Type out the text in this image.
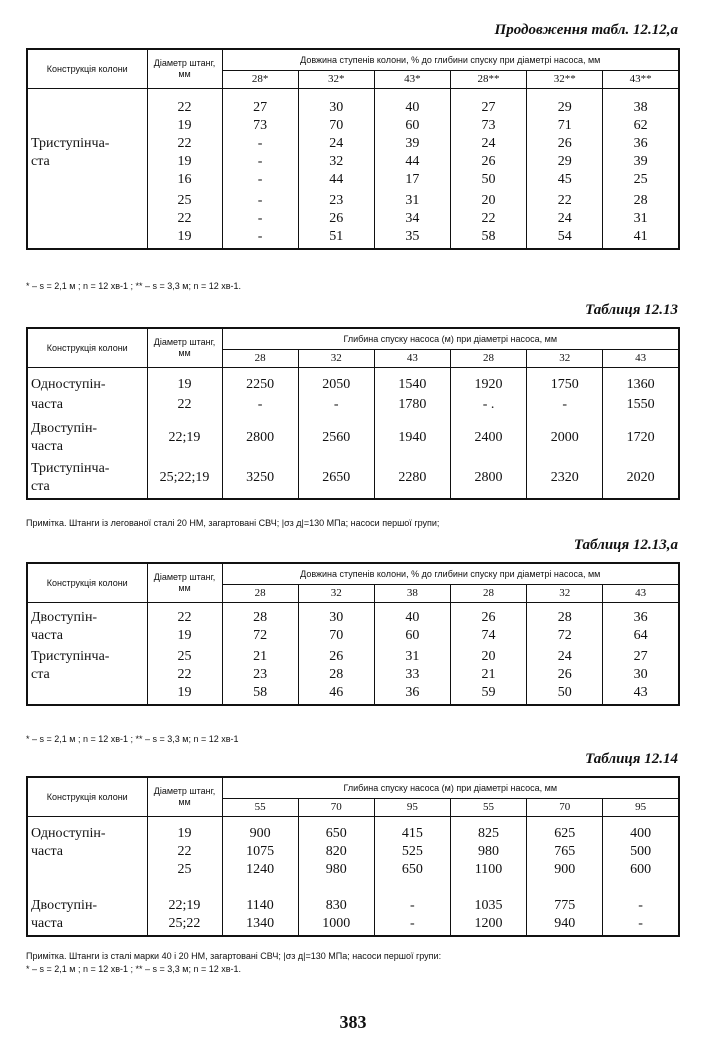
Продовження табл. 12.12,а
Конструкція колони	Діаметр штанг, мм	Довжина ступенів колони, % до глибини спуску при діаметрі насоса, мм					
		28*	32*	43*	28**	32**	43**
	22	27	30	40	27	29	38
	19	73	70	60	73	71	62
Триступінча-	22	-	24	39	24	26	36
ста	19	-	32	44	26	29	39
	16	-	44	17	50	45	25
	25	-	23	31	20	22	28
	22	-	26	34	22	24	31
	19	-	51	35	58	54	41
* – s = 2,1 м ; n = 12 хв-1 ; ** – s = 3,3 м; n = 12 хв-1.
Таблиця 12.13
Конструкція колони	Діаметр штанг, мм	Глибина спуску насоса (м) при діаметрі насоса, мм					
		28	32	43	28	32	43
Одноступін-	19	2250	2050	1540	1920	1750	1360
часта	22	-	-	1780	- .	-	1550
Двоступін-
часта	22;19	2800	2560	1940	2400	2000	1720
Триступінча-
ста	25;22;19	3250	2650	2280	2800	2320	2020
Примітка. Штанги із легованої сталі 20 НМ, загартовані СВЧ; |σз д|=130 МПа; насоси першої групи;
Таблиця 12.13,а
Конструкція колони	Діаметр штанг, мм	Довжина ступенів колони, % до глибини спуску при діаметрі насоса, мм					
		28	32	38	28	32	43
Двоступін-	22	28	30	40	26	28	36
часта	19	72	70	60	74	72	64
Триступінча-	25	21	26	31	20	24	27
ста	22	23	28	33	21	26	30
	19	58	46	36	59	50	43
* – s = 2,1 м ; n = 12 хв-1 ; ** – s = 3,3 м; n = 12 хв-1
Таблиця 12.14
Конструкція колони	Діаметр штанг, мм	Глибина спуску насоса (м) при діаметрі насоса, мм					
		55	70	95	55	70	95
Одноступін-	19	900	650	415	825	625	400
часта	22	1075	820	525	980	765	500
	25	1240	980	650	1100	900	600

Двоступін-	22;19	1140	830	-	1035	775	-
часта	25;22	1340	1000	-	1200	940	-
Примітка. Штанги із сталі марки 40 і 20 НМ, загартовані СВЧ; |σз д|=130 МПа; насоси першої групи:
* – s = 2,1 м ; n = 12 хв-1 ; ** – s = 3,3 м; n = 12 хв-1.
383
